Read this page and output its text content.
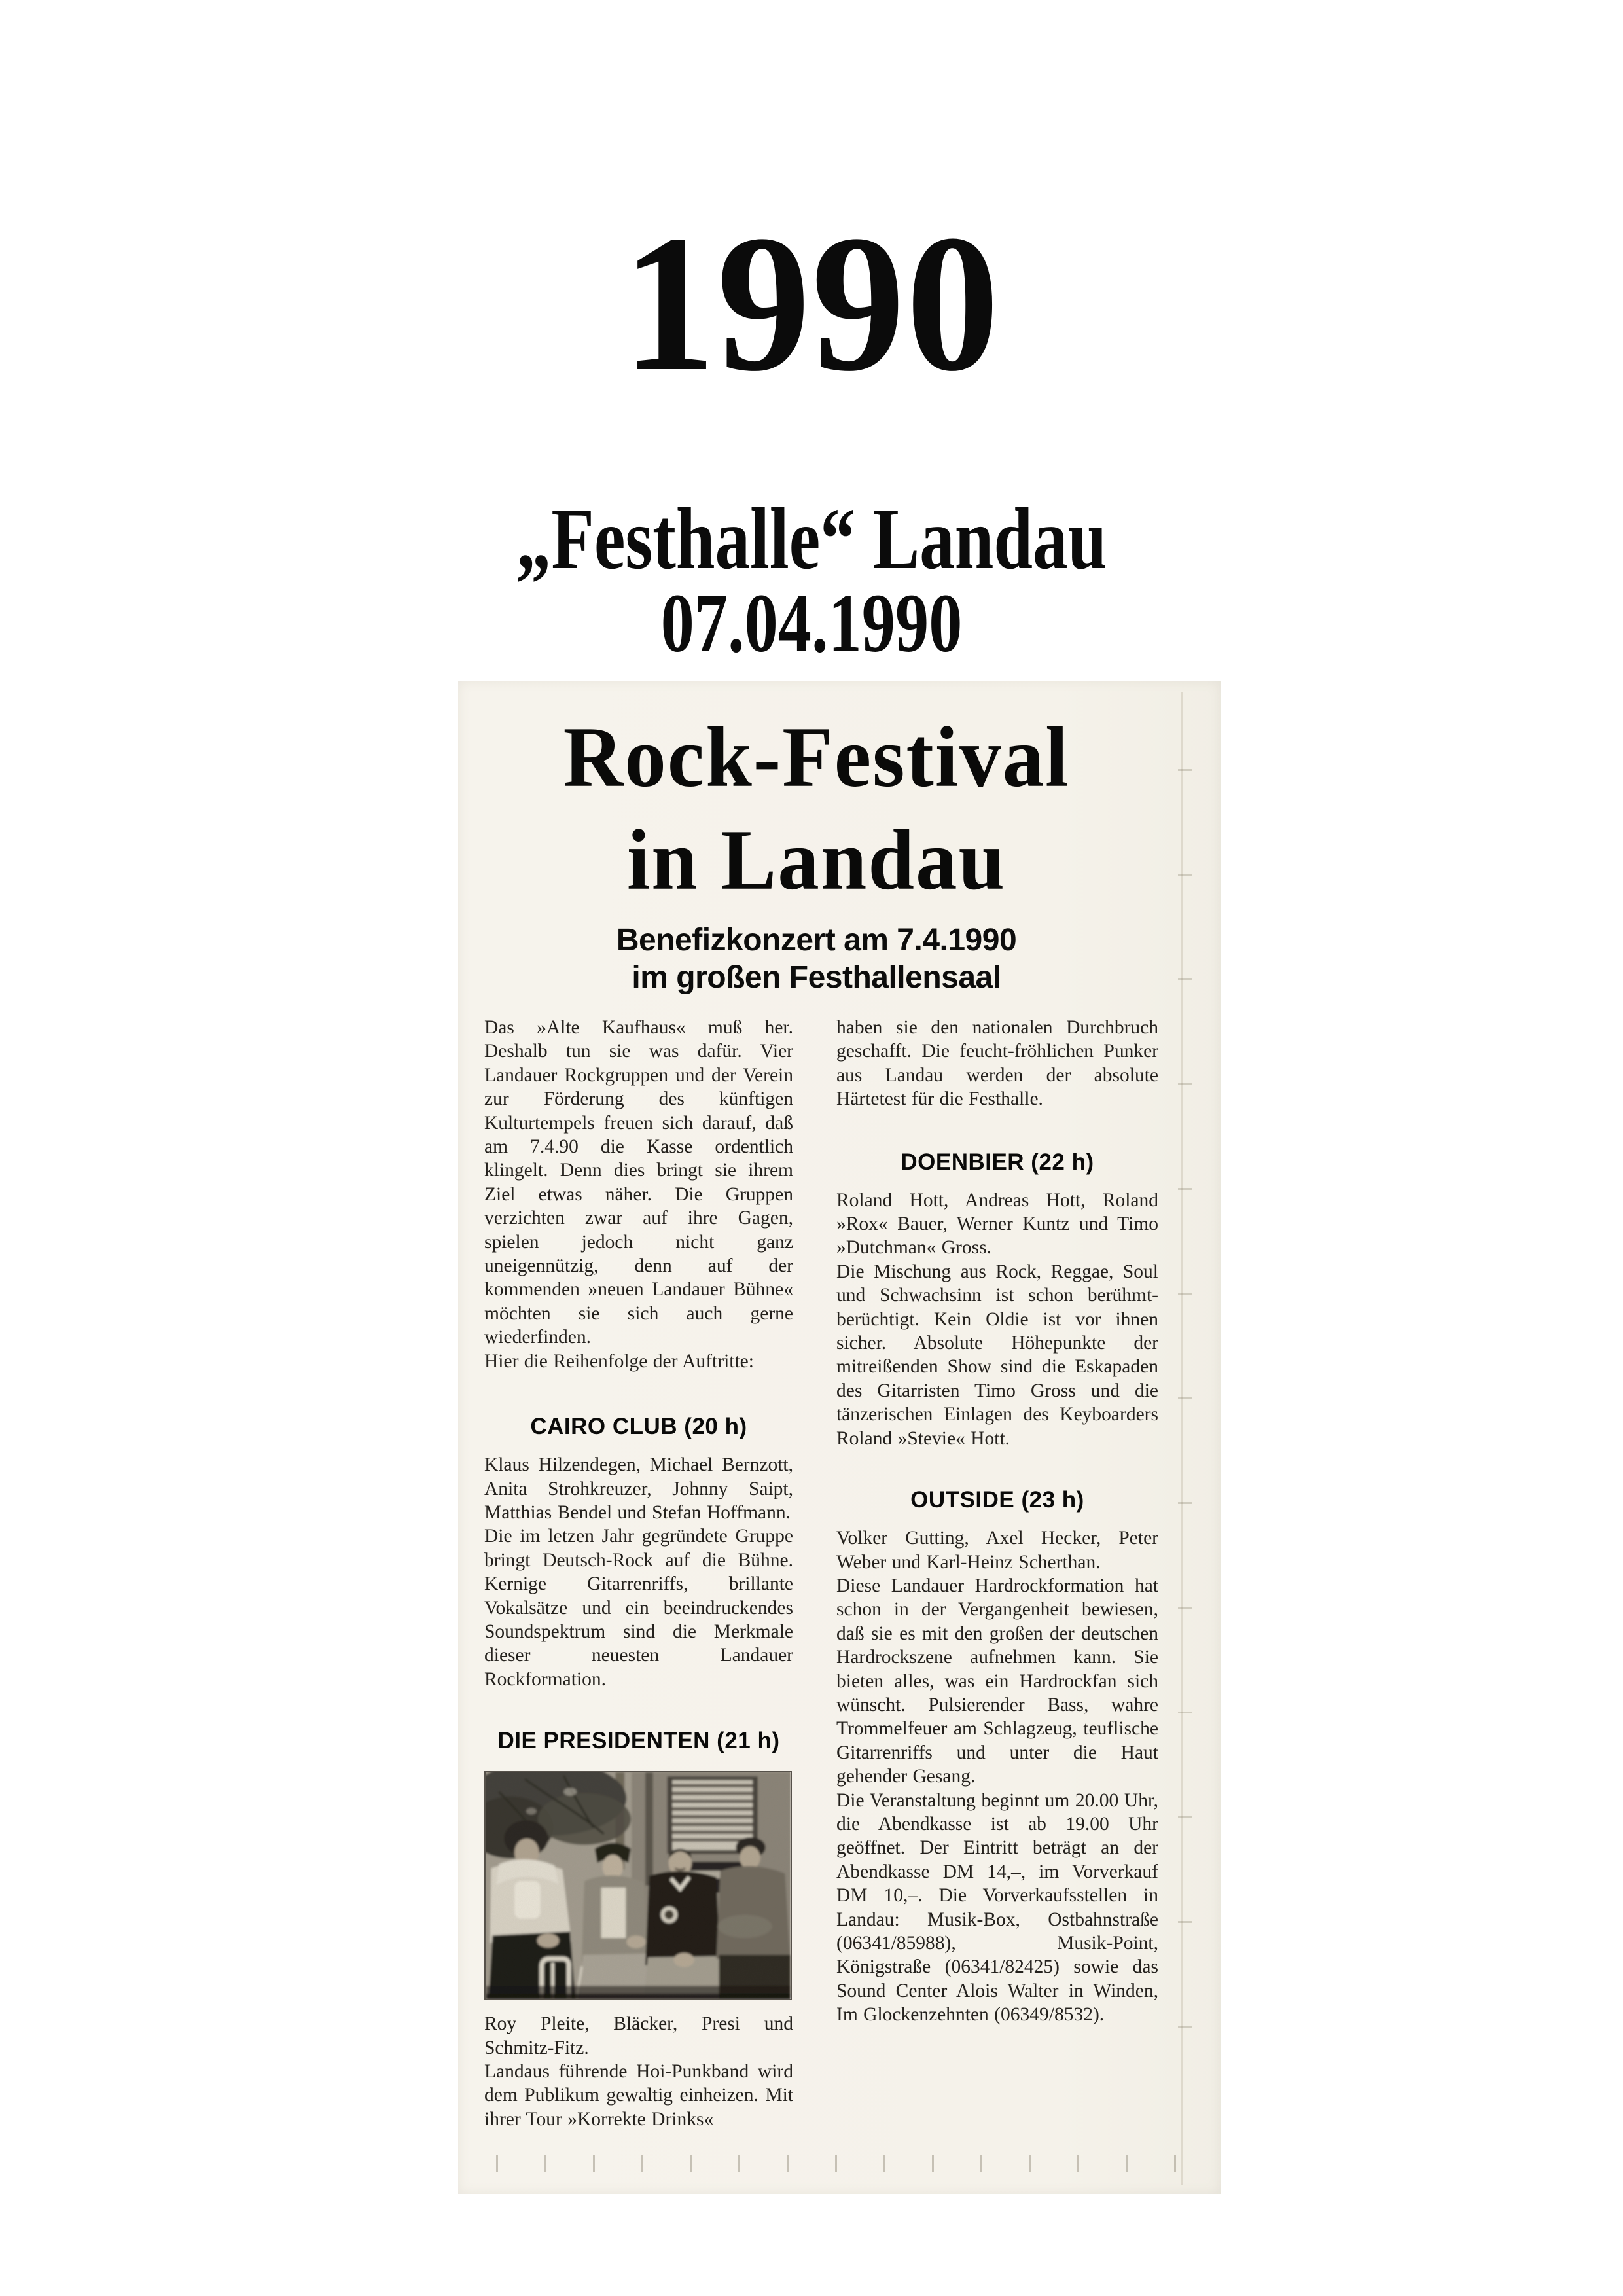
1990
„Festhalle“ Landau
07.04.1990
Rock-Festival
in Landau
Benefizkonzert am 7.4.1990
im großen Festhallensaal

Das »Alte Kaufhaus« muß her. Deshalb tun sie was dafür. Vier Landauer Rockgruppen und der Verein zur Förderung des künftigen Kulturtempels freuen sich darauf, daß am 7.4.90 die Kasse ordentlich klingelt. Denn dies bringt sie ihrem Ziel etwas näher. Die Gruppen verzichten zwar auf ihre Gagen, spielen jedoch nicht ganz uneigennützig, denn auf der kommenden »neuen Landauer Bühne« möchten sie sich auch gerne wiederfinden.

Hier die Reihenfolge der Auftritte:

CAIRO CLUB (20 h)

Klaus Hilzendegen, Michael Bernzott, Anita Strohkreuzer, Johnny Saipt, Matthias Bendel und Stefan Hoffmann.

Die im letzen Jahr gegründete Gruppe bringt Deutsch-Rock auf die Bühne. Kernige Gitarrenriffs, brillante Vokalsätze und ein beeindruckendes Soundspektrum sind die Merkmale dieser neuesten Landauer Rockformation.

DIE PRESIDENTEN (21 h)

Roy Pleite, Bläcker, Presi und Schmitz-Fitz.

Landaus führende Hoi-Punkband wird dem Publikum gewaltig einheizen. Mit ihrer Tour »Korrekte Drinks«

haben sie den nationalen Durchbruch geschafft. Die feucht-fröhlichen Punker aus Landau werden der absolute Härtetest für die Festhalle.

DOENBIER (22 h)

Roland Hott, Andreas Hott, Roland »Rox« Bauer, Werner Kuntz und Timo »Dutchman« Gross.

Die Mischung aus Rock, Reggae, Soul und Schwachsinn ist schon berühmt-berüchtigt. Kein Oldie ist vor ihnen sicher. Absolute Höhepunkte der mitreißenden Show sind die Eskapaden des Gitarristen Timo Gross und die tänzerischen Einlagen des Keyboarders Roland »Stevie« Hott.

OUTSIDE (23 h)

Volker Gutting, Axel Hecker, Peter Weber und Karl-Heinz Scherthan.

Diese Landauer Hardrockformation hat schon in der Vergangenheit bewiesen, daß sie es mit den großen der deutschen Hardrockszene aufnehmen kann. Sie bieten alles, was ein Hardrockfan sich wünscht. Pulsierender Bass, wahre Trommelfeuer am Schlagzeug, teuflische Gitarrenriffs und unter die Haut gehender Gesang.

Die Veranstaltung beginnt um 20.00 Uhr, die Abendkasse ist ab 19.00 Uhr geöffnet. Der Eintritt beträgt an der Abendkasse DM 14,–, im Vorverkauf DM 10,–. Die Vorverkaufsstellen in Landau: Musik-Box, Ostbahnstraße (06341/85988), Musik-Point, Königstraße (06341/82425) sowie das Sound Center Alois Walter in Winden, Im Glockenzehnten (06349/8532).
